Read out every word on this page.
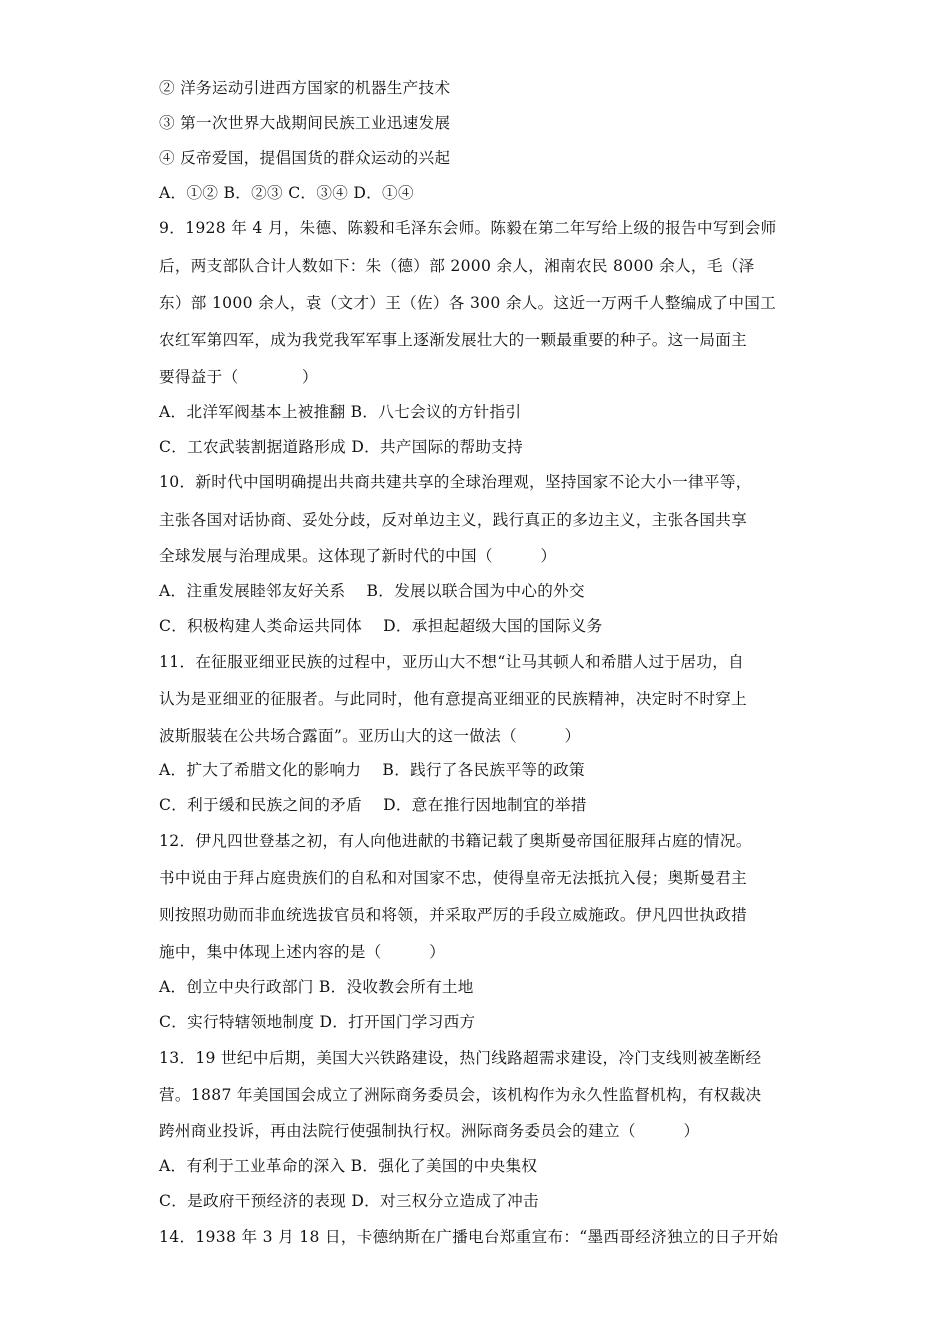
② 洋务运动引进西方国家的机器生产技术
③ 第一次世界大战期间民族工业迅速发展
④ 反帝爱国，提倡国货的群众运动的兴起
A．①② B．②③ C．③④ D．①④
9．1928 年 4 月，朱德、陈毅和毛泽东会师。陈毅在第二年写给上级的报告中写到会师
后，两支部队合计人数如下：朱（德）部 2000 余人，湘南农民 8000 余人，毛（泽
东）部 1000 余人，袁（文才）王（佐）各 300 余人。这近一万两千人整编成了中国工
农红军第四军，成为我党我军军事上逐渐发展壮大的一颗最重要的种子。这一局面主
要得益于（　　　　）
A．北洋军阀基本上被推翻 B．八七会议的方针指引
C．工农武装割据道路形成 D．共产国际的帮助支持
10．新时代中国明确提出共商共建共享的全球治理观，坚持国家不论大小一律平等，
主张各国对话协商、妥处分歧，反对单边主义，践行真正的多边主义，主张各国共享
全球发展与治理成果。这体现了新时代的中国（　　　）
A．注重发展睦邻友好关系　 B．发展以联合国为中心的外交
C．积极构建人类命运共同体　 D．承担起超级大国的国际义务
11．在征服亚细亚民族的过程中，亚历山大不想“让马其顿人和希腊人过于居功，自
认为是亚细亚的征服者。与此同时，他有意提高亚细亚的民族精神，决定时不时穿上
波斯服装在公共场合露面”。亚历山大的这一做法（　　　）
A．扩大了希腊文化的影响力　 B．践行了各民族平等的政策
C．利于缓和民族之间的矛盾　 D．意在推行因地制宜的举措
12．伊凡四世登基之初，有人向他进献的书籍记载了奥斯曼帝国征服拜占庭的情况。
书中说由于拜占庭贵族们的自私和对国家不忠，使得皇帝无法抵抗入侵；奥斯曼君主
则按照功勋而非血统选拔官员和将领，并采取严厉的手段立威施政。伊凡四世执政措
施中，集中体现上述内容的是（　　　）
A．创立中央行政部门 B．没收教会所有土地
C．实行特辖领地制度 D．打开国门学习西方
13．19 世纪中后期，美国大兴铁路建设，热门线路超需求建设，冷门支线则被垄断经
营。1887 年美国国会成立了洲际商务委员会，该机构作为永久性监督机构，有权裁决
跨州商业投诉，再由法院行使强制执行权。洲际商务委员会的建立（　　　）
A．有利于工业革命的深入 B．强化了美国的中央集权
C．是政府干预经济的表现 D．对三权分立造成了冲击
14．1938 年 3 月 18 日，卡德纳斯在广播电台郑重宣布：“墨西哥经济独立的日子开始
